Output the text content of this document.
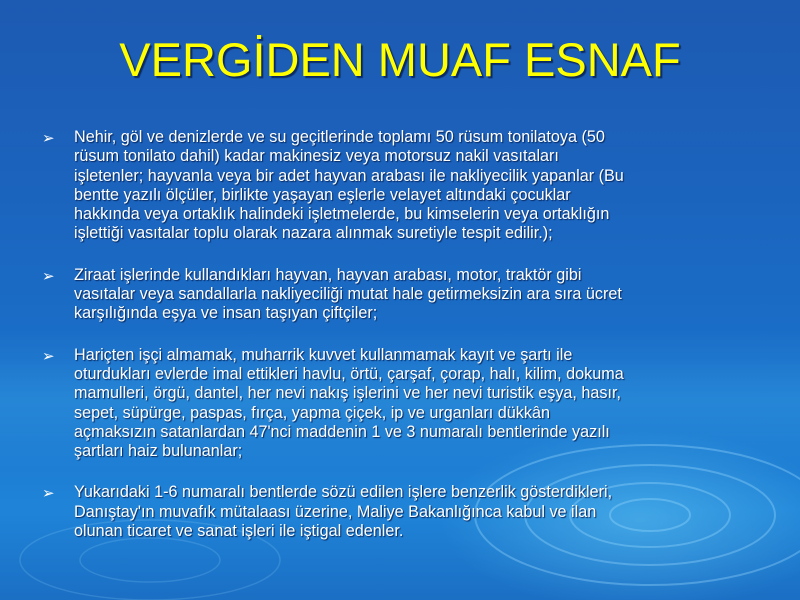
VERGİDEN MUAF ESNAF
➢ Nehir, göl ve denizlerde ve su geçitlerinde toplamı 50 rüsum tonilatoya (50
rüsum tonilato dahil) kadar makinesiz veya motorsuz nakil vasıtaları
işletenler; hayvanla veya bir adet hayvan arabası ile nakliyecilik yapanlar (Bu
bentte yazılı ölçüler, birlikte yaşayan eşlerle velayet altındaki çocuklar
hakkında veya ortaklık halindeki işletmelerde, bu kimselerin veya ortaklığın
işlettiği vasıtalar toplu olarak nazara alınmak suretiyle tespit edilir.);
➢ Ziraat işlerinde kullandıkları hayvan, hayvan arabası, motor, traktör gibi
vasıtalar veya sandallarla nakliyeciliği mutat hale getirmeksizin ara sıra ücret
karşılığında eşya ve insan taşıyan çiftçiler;
➢ Hariçten işçi almamak, muharrik kuvvet kullanmamak kayıt ve şartı ile
oturdukları evlerde imal ettikleri havlu, örtü, çarşaf, çorap, halı, kilim, dokuma
mamulleri, örgü, dantel, her nevi nakış işlerini ve her nevi turistik eşya, hasır,
sepet, süpürge, paspas, fırça, yapma çiçek, ip ve urganları dükkân
açmaksızın satanlardan 47'nci maddenin 1 ve 3 numaralı bentlerinde yazılı
şartları haiz bulunanlar;
➢ Yukarıdaki 1-6 numaralı bentlerde sözü edilen işlere benzerlik gösterdikleri,
Danıştay'ın muvafık mütalaası üzerine, Maliye Bakanlığınca kabul ve ilan
olunan ticaret ve sanat işleri ile iştigal edenler.
